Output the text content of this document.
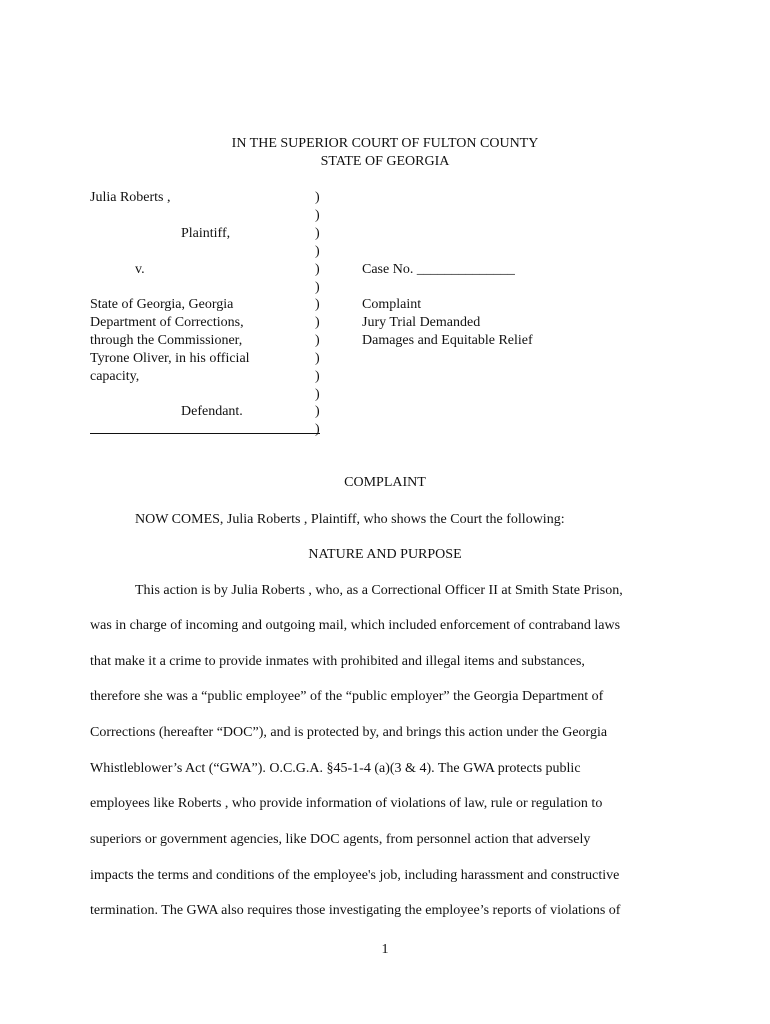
IN THE SUPERIOR COURT OF FULTON COUNTY
STATE OF GEORGIA
Julia Roberts ,
Plaintiff,
v.
State of Georgia, Georgia
Department of Corrections,
through the Commissioner,
Tyrone Oliver, in his official
capacity,
Defendant.
)
)
)
)
)
)
)
)
)
)
)
)
)
)
Case No. ______________
Complaint
Jury Trial Demanded
Damages and Equitable Relief
COMPLAINT
NOW COMES, Julia Roberts , Plaintiff, who shows the Court the following:
NATURE AND PURPOSE
This action is by Julia Roberts , who, as a Correctional Officer II at Smith State Prison,
was in charge of incoming and outgoing mail, which included enforcement of contraband laws
that make it a crime to provide inmates with prohibited and illegal items and substances,
therefore she was a “public employee” of the “public employer” the Georgia Department of
Corrections (hereafter “DOC”), and is protected by, and brings this action under the Georgia
Whistleblower’s Act (“GWA”). O.C.G.A. §45-1-4 (a)(3 & 4). The GWA protects public
employees like Roberts , who provide information of violations of law, rule or regulation to
superiors or government agencies, like DOC agents, from personnel action that adversely
impacts the terms and conditions of the employee's job, including harassment and constructive
termination. The GWA also requires those investigating the employee’s reports of violations of
1
